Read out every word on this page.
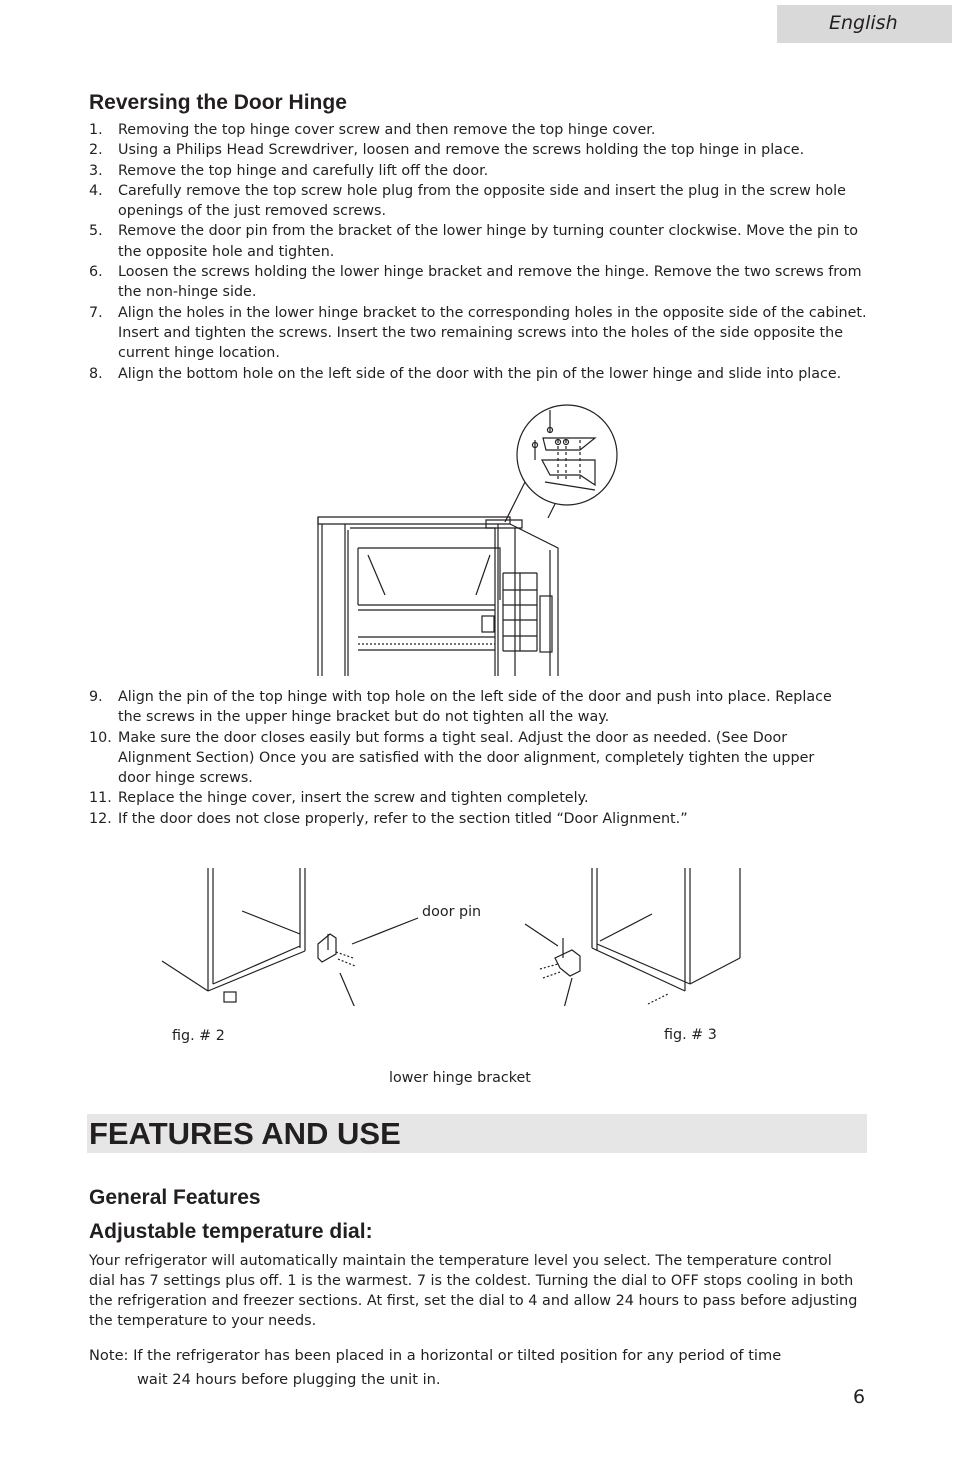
English
Reversing the Door Hinge
1.	Removing the top hinge cover screw and then remove the top hinge cover.
2.	Using a Philips Head Screwdriver, loosen and remove the screws holding the top hinge in place.
3.	Remove the top hinge and carefully lift off the door.
4.	Carefully remove the top screw hole plug from the opposite side and insert the plug in the screw hole openings of the just removed screws.
5.	Remove the door pin from the bracket of the lower hinge by turning counter clockwise. Move the pin to the opposite hole and tighten.
6.	Loosen the screws holding the lower hinge bracket and remove the hinge. Remove the two screws from the non-hinge side.
7.	Align the holes in the lower hinge bracket to the corresponding holes in the opposite side of the cabinet. Insert and tighten the screws. Insert the two remaining screws into the holes of the side opposite the current hinge location.
8.	Align the bottom hole on the left side of the door with the pin of the lower hinge and slide into place.
9.	Align the pin of the top hinge with top hole on the left side of the door and push into place. Replace the screws in the upper hinge bracket but do not tighten all the way.
10. Make sure the door closes easily but forms a tight seal. Adjust the door as needed. (See Door Alignment Section) Once you are satisfied with the door alignment, completely tighten the upper door hinge screws.
11. Replace the hinge cover, insert the screw and tighten completely.
12. If the door does not close properly, refer to the section titled “Door Alignment.”
door pin
fig. # 2	fig. # 3
lower hinge bracket
FEATURES AND USE
General Features
Adjustable temperature dial:

Your refrigerator will automatically maintain the temperature level you select. The temperature control dial has 7 settings plus off. 1 is the warmest. 7 is the coldest. Turning the dial to OFF stops cooling in both the refrigeration and freezer sections. At first, set the dial to 4 and allow 24 hours to pass before adjusting the temperature to your needs.

Note: If the refrigerator has been placed in a horizontal or tilted position for any period of time
wait 24 hours before plugging the unit in.
6
